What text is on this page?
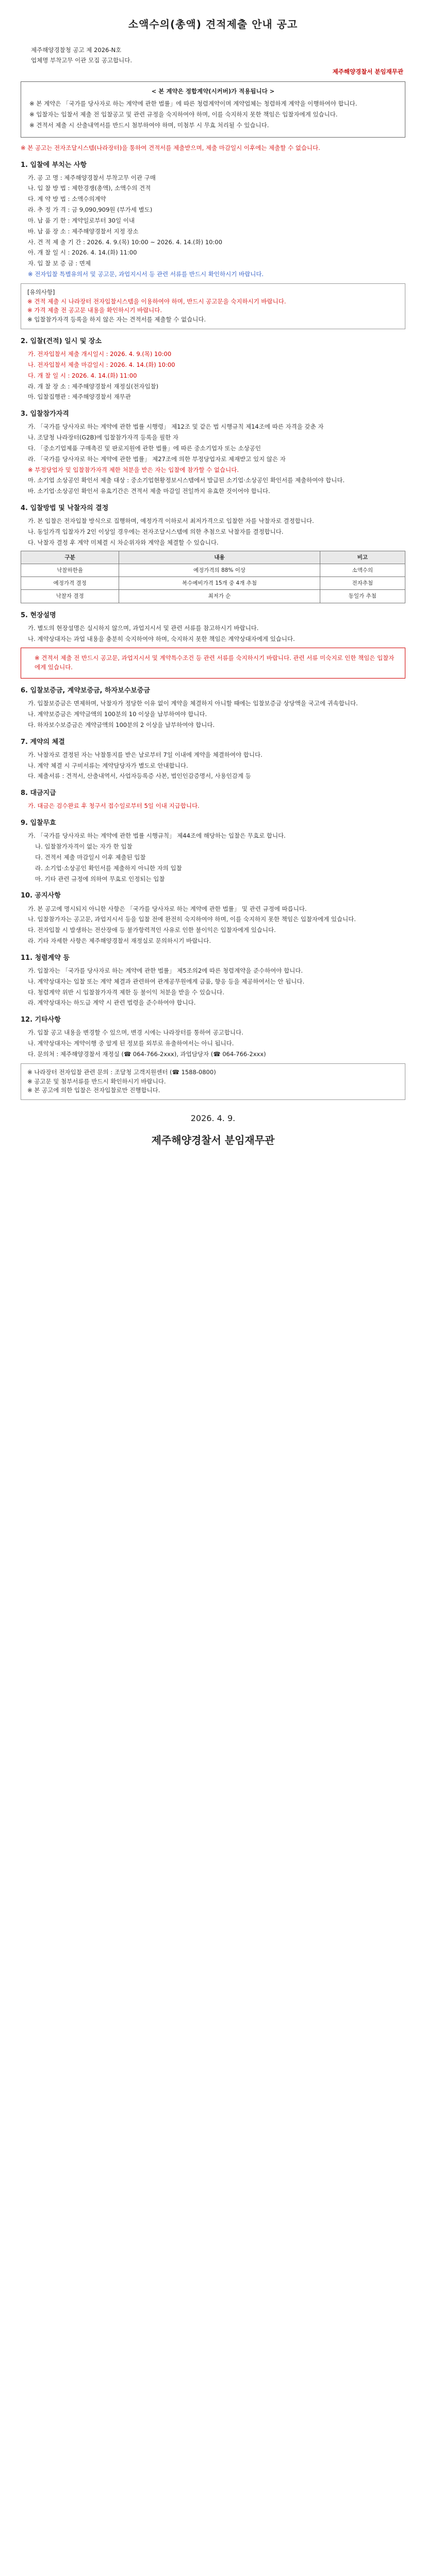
소액수의(총액) 견적제출 안내 공고

제주해양경찰청 공고 제 2026-N호

업체명 부착고무 이관 모집 공고합니다.

제주해양경찰서 분임재무관
< 본 계약은 정합계약(시커버)가 적용됩니다 >

※ 본 계약은 「국가를 당사자로 하는 계약에 관한 법률」에 따른 청렴계약이며 계약업체는 청렴하게 계약을 이행하여야 합니다.

※ 입찰자는 입찰서 제출 전 입찰공고 및 관련 규정을 숙지하여야 하며, 이를 숙지하지 못한 책임은 입찰자에게 있습니다.

※ 견적서 제출 시 산출내역서를 반드시 첨부하여야 하며, 미첨부 시 무효 처리될 수 있습니다.

※ 본 공고는 전자조달시스템(나라장터)을 통하여 견적서를 제출받으며, 제출 마감일시 이후에는 제출할 수 없습니다.

1. 입찰에 부치는 사항

가. 공 고 명 : 제주해양경찰서 부착고무 이관 구매

나. 입 찰 방 법 : 제한경쟁(총액), 소액수의 견적

다. 계 약 방 법 : 소액수의계약

라. 추 정 가 격 : 금 9,090,909원 (부가세 별도)

마. 납 품 기 한 : 계약일로부터 30일 이내

바. 납 품 장 소 : 제주해양경찰서 지정 장소

사. 견 적 제 출 기 간 : 2026. 4. 9.(목) 10:00 ~ 2026. 4. 14.(화) 10:00

아. 개 찰 일 시 : 2026. 4. 14.(화) 11:00

자. 입 찰 보 증 금 : 면제

※ 전자입찰 특별유의서 및 공고문, 과업지시서 등 관련 서류를 반드시 확인하시기 바랍니다.

[유의사항]

※ 견적 제출 시 나라장터 전자입찰시스템을 이용하여야 하며, 반드시 공고문을 숙지하시기 바랍니다.

※ 가격 제출 전 공고문 내용을 확인하시기 바랍니다.

※ 입찰참가자격 등록을 하지 않은 자는 견적서를 제출할 수 없습니다.

2. 입찰(견적) 일시 및 장소

가. 전자입찰서 제출 개시일시 : 2026. 4. 9.(목) 10:00

나. 전자입찰서 제출 마감일시 : 2026. 4. 14.(화) 10:00

다. 개 찰 일 시 : 2026. 4. 14.(화) 11:00

라. 개 찰 장 소 : 제주해양경찰서 재정실(전자입찰)

마. 입찰집행관 : 제주해양경찰서 재무관

3. 입찰참가자격

가. 「국가를 당사자로 하는 계약에 관한 법률 시행령」 제12조 및 같은 법 시행규칙 제14조에 따른 자격을 갖춘 자

나. 조달청 나라장터(G2B)에 입찰참가자격 등록을 필한 자

다. 「중소기업제품 구매촉진 및 판로지원에 관한 법률」에 따른 중소기업자 또는 소상공인

라. 「국가를 당사자로 하는 계약에 관한 법률」 제27조에 의한 부정당업자로 제재받고 있지 않은 자

※ 부정당업자 및 입찰참가자격 제한 처분을 받은 자는 입찰에 참가할 수 없습니다.

마. 소기업 소상공인 확인서 제출 대상 : 중소기업현황정보시스템에서 발급된 소기업·소상공인 확인서를 제출하여야 합니다.

바. 소기업·소상공인 확인서 유효기간은 견적서 제출 마감일 전일까지 유효한 것이어야 합니다.

4. 입찰방법 및 낙찰자의 결정

가. 본 입찰은 전자입찰 방식으로 집행하며, 예정가격 이하로서 최저가격으로 입찰한 자를 낙찰자로 결정합니다.

나. 동일가격 입찰자가 2인 이상일 경우에는 전자조달시스템에 의한 추첨으로 낙찰자를 결정합니다.

다. 낙찰자 결정 후 계약 미체결 시 차순위자와 계약을 체결할 수 있습니다.

구분	내용	비고
낙찰하한율	예정가격의 88% 이상	소액수의
예정가격 결정	복수예비가격 15개 중 4개 추첨	전자추첨
낙찰자 결정	최저가 순	동일가 추첨
5. 현장설명

가. 별도의 현장설명은 실시하지 않으며, 과업지시서 및 관련 서류를 참고하시기 바랍니다.

나. 계약상대자는 과업 내용을 충분히 숙지하여야 하며, 숙지하지 못한 책임은 계약상대자에게 있습니다.

※ 견적서 제출 전 반드시 공고문, 과업지시서 및 계약특수조건 등 관련 서류를 숙지하시기 바랍니다. 관련 서류 미숙지로 인한 책임은 입찰자에게 있습니다.

6. 입찰보증금, 계약보증금, 하자보수보증금

가. 입찰보증금은 면제하며, 낙찰자가 정당한 이유 없이 계약을 체결하지 아니할 때에는 입찰보증금 상당액을 국고에 귀속합니다.

나. 계약보증금은 계약금액의 100분의 10 이상을 납부하여야 합니다.

다. 하자보수보증금은 계약금액의 100분의 2 이상을 납부하여야 합니다.

7. 계약의 체결

가. 낙찰자로 결정된 자는 낙찰통지를 받은 날로부터 7일 이내에 계약을 체결하여야 합니다.

나. 계약 체결 시 구비서류는 계약담당자가 별도로 안내합니다.

다. 제출서류 : 견적서, 산출내역서, 사업자등록증 사본, 법인인감증명서, 사용인감계 등

8. 대금지급

가. 대금은 검수완료 후 청구서 접수일로부터 5일 이내 지급합니다.

9. 입찰무효

가. 「국가를 당사자로 하는 계약에 관한 법률 시행규칙」 제44조에 해당하는 입찰은 무효로 합니다.

나. 입찰참가자격이 없는 자가 한 입찰

다. 견적서 제출 마감일시 이후 제출된 입찰

라. 소기업·소상공인 확인서를 제출하지 아니한 자의 입찰

마. 기타 관련 규정에 의하여 무효로 인정되는 입찰

10. 공지사항

가. 본 공고에 명시되지 아니한 사항은 「국가를 당사자로 하는 계약에 관한 법률」 및 관련 규정에 따릅니다.

나. 입찰참가자는 공고문, 과업지시서 등을 입찰 전에 완전히 숙지하여야 하며, 이를 숙지하지 못한 책임은 입찰자에게 있습니다.

다. 전자입찰 시 발생하는 전산장애 등 불가항력적인 사유로 인한 불이익은 입찰자에게 있습니다.

라. 기타 자세한 사항은 제주해양경찰서 재정실로 문의하시기 바랍니다.

11. 청렴계약 등

가. 입찰자는 「국가를 당사자로 하는 계약에 관한 법률」 제5조의2에 따른 청렴계약을 준수하여야 합니다.

나. 계약상대자는 입찰 또는 계약 체결과 관련하여 관계공무원에게 금품, 향응 등을 제공하여서는 안 됩니다.

다. 청렴계약 위반 시 입찰참가자격 제한 등 불이익 처분을 받을 수 있습니다.

라. 계약상대자는 하도급 계약 시 관련 법령을 준수하여야 합니다.

12. 기타사항

가. 입찰 공고 내용을 변경할 수 있으며, 변경 시에는 나라장터를 통하여 공고합니다.

나. 계약상대자는 계약이행 중 알게 된 정보를 외부로 유출하여서는 아니 됩니다.

다. 문의처 : 제주해양경찰서 재정실 (☎ 064-766-2xxx), 과업담당자 (☎ 064-766-2xxx)

※ 나라장터 전자입찰 관련 문의 : 조달청 고객지원센터 (☎ 1588-0800)

※ 공고문 및 첨부서류를 반드시 확인하시기 바랍니다.

※ 본 공고에 의한 입찰은 전자입찰로만 진행합니다.

2026. 4. 9.
제주해양경찰서 분임재무관
